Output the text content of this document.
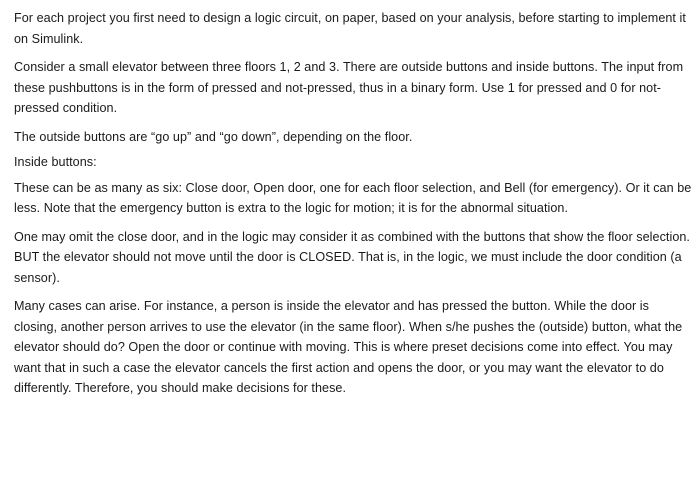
For each project you first need to design a logic circuit, on paper, based on your analysis, before starting to implement it on Simulink.

Consider a small elevator between three floors 1, 2 and 3. There are outside buttons and inside buttons. The input from these pushbuttons is in the form of pressed and not-pressed, thus in a binary form. Use 1 for pressed and 0 for not-pressed condition.

The outside buttons are “go up” and “go down”, depending on the floor.

Inside buttons:

These can be as many as six: Close door, Open door, one for each floor selection, and Bell (for emergency). Or it can be less. Note that the emergency button is extra to the logic for motion; it is for the abnormal situation.

One may omit the close door, and in the logic may consider it as combined with the buttons that show the floor selection. BUT the elevator should not move until the door is CLOSED. That is, in the logic, we must include the door condition (a sensor).

Many cases can arise. For instance, a person is inside the elevator and has pressed the button. While the door is closing, another person arrives to use the elevator (in the same floor). When s/he pushes the (outside) button, what the elevator should do? Open the door or continue with moving. This is where preset decisions come into effect. You may want that in such a case the elevator cancels the first action and opens the door, or you may want the elevator to do differently. Therefore, you should make decisions for these.
